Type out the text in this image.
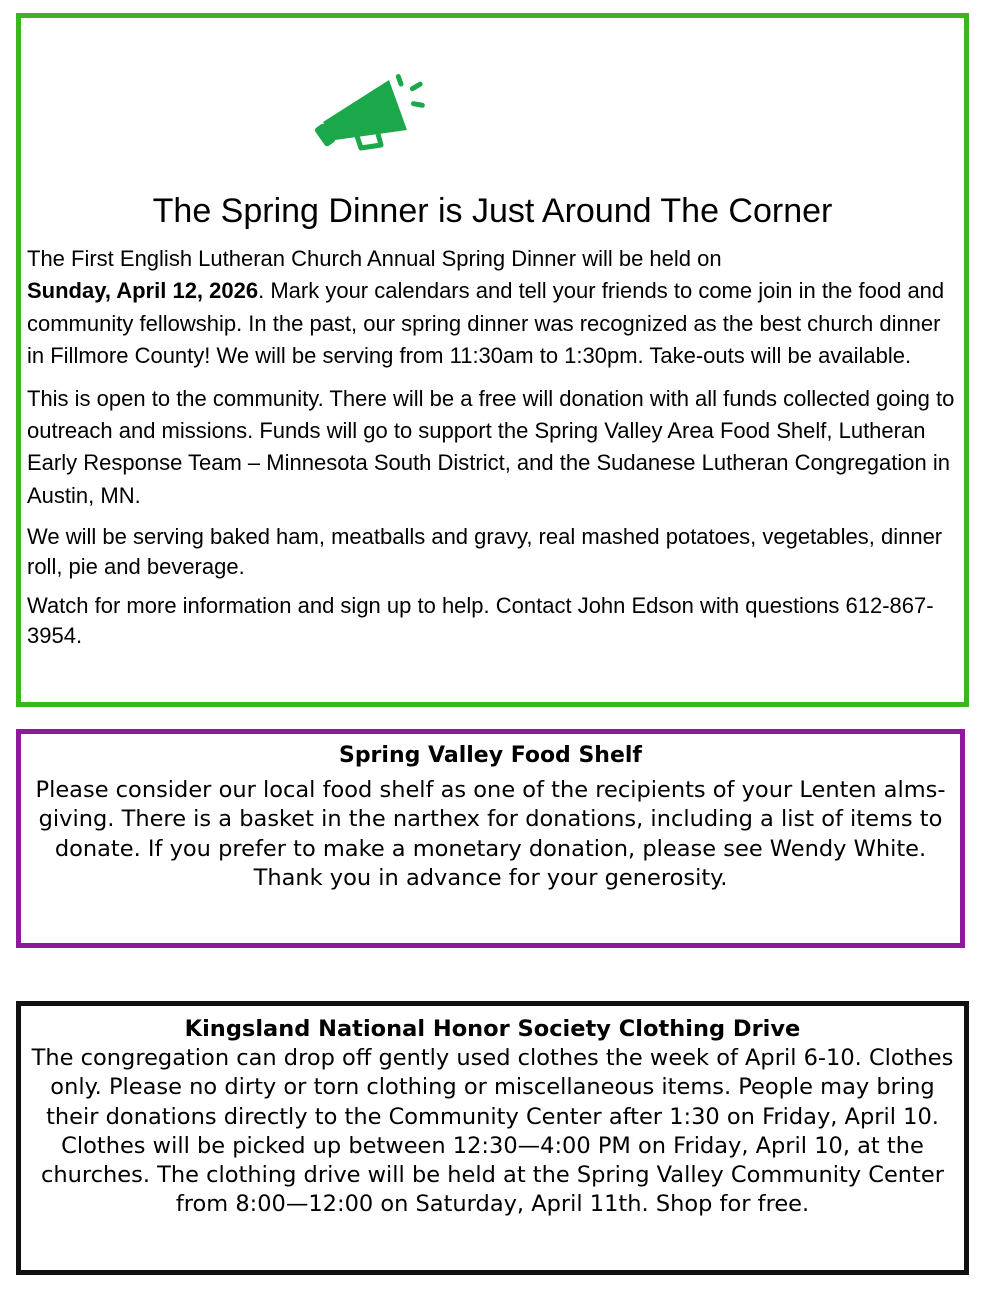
The Spring Dinner is Just Around The Corner

The First English Lutheran Church Annual Spring Dinner will be held on
Sunday, April 12, 2026. Mark your calendars and tell your friends to come join in the food and community fellowship. In the past, our spring dinner was recognized as the best church dinner in Fillmore County! We will be serving from 11:30am to 1:30pm. Take-outs will be available.

This is open to the community. There will be a free will donation with all funds collected going to outreach and missions. Funds will go to support the Spring Valley Area Food Shelf, Lutheran Early Response Team – Minnesota South District, and the Sudanese Lutheran Congregation in Austin, MN.

We will be serving baked ham, meatballs and gravy, real mashed potatoes, vegetables, dinner roll, pie and beverage.

Watch for more information and sign up to help. Contact John Edson with questions 612-867-3954.

Spring Valley Food Shelf

Please consider our local food shelf as one of the recipients of your Lenten alms-giving. There is a basket in the narthex for donations, including a list of items to donate. If you prefer to make a monetary donation, please see Wendy White.
Thank you in advance for your generosity.

Kingsland National Honor Society Clothing Drive

The congregation can drop off gently used clothes the week of April 6-10. Clothes only. Please no dirty or torn clothing or miscellaneous items. People may bring their donations directly to the Community Center after 1:30 on Friday, April 10. Clothes will be picked up between 12:30—4:00 PM on Friday, April 10, at the churches. The clothing drive will be held at the Spring Valley Community Center from 8:00—12:00 on Saturday, April 11th. Shop for free.
